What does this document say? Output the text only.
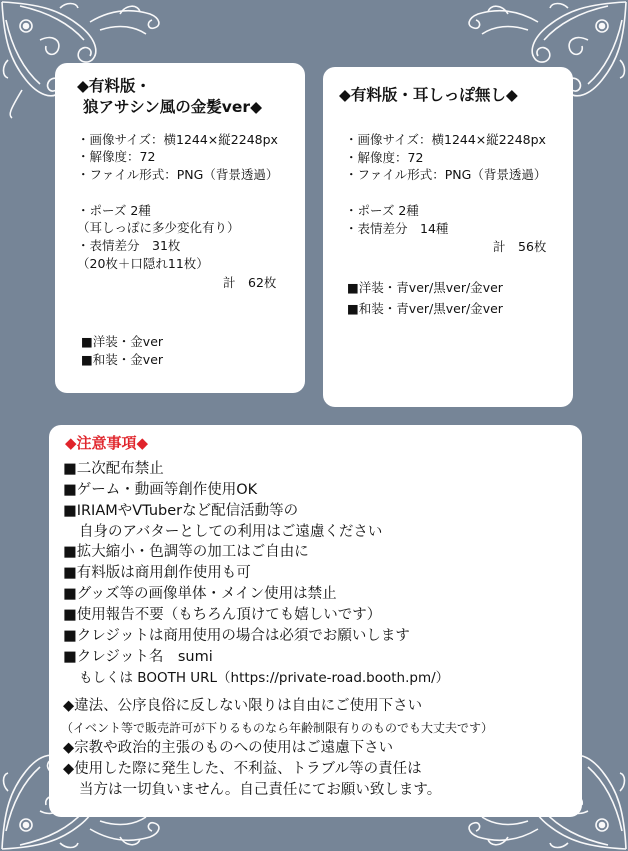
◆有料版・
狼アサシン風の金髪ver◆
・画像サイズ：横1244×縦2248px
・解像度：72
・ファイル形式：PNG（背景透過）
・ポーズ 2種
（耳しっぽに多少変化有り）
・表情差分　31枚
（20枚＋口隠れ11枚）
計　62枚
■洋装・金ver
■和装・金ver
◆有料版・耳しっぽ無し◆
・画像サイズ：横1244×縦2248px
・解像度：72
・ファイル形式：PNG（背景透過）
・ポーズ 2種
・表情差分　14種
計　56枚
■洋装・青ver/黒ver/金ver
■和装・青ver/黒ver/金ver
◆注意事項◆
■二次配布禁止
■ゲーム・動画等創作使用OK
■IRIAMやVTuberなど配信活動等の
自身のアバターとしての利用はご遠慮ください
■拡大縮小・色調等の加工はご自由に
■有料版は商用創作使用も可
■グッズ等の画像単体・メイン使用は禁止
■使用報告不要（もちろん頂けても嬉しいです）
■クレジットは商用使用の場合は必須でお願いします
■クレジット名　sumi
もしくは BOOTH URL（https://private-road.booth.pm/）
◆違法、公序良俗に反しない限りは自由にご使用下さい
（イベント等で販売許可が下りるものなら年齢制限有りのものでも大丈夫です）
◆宗教や政治的主張のものへの使用はご遠慮下さい
◆使用した際に発生した、不利益、トラブル等の責任は
当方は一切負いません。自己責任にてお願い致します。
